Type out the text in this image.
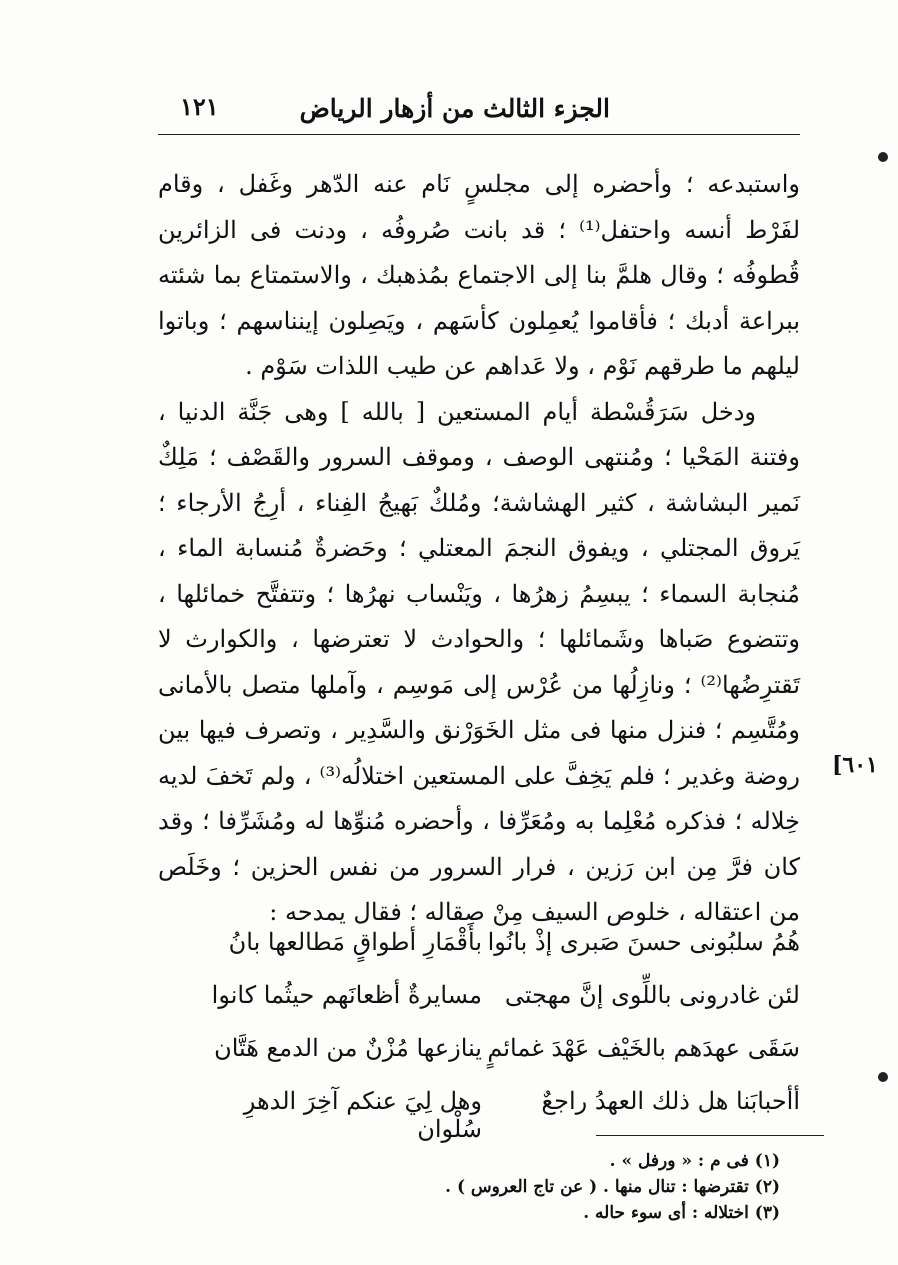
الجزء الثالث من أزهار الرياض
١٢١
[٦٠١

واستبدعه ؛ وأحضره إلى مجلسٍ نَام عنه الدّهر وغَفل ، وقام لفَرْط أنسه واحتفل⁽¹⁾ ؛ قد بانت صُروفُه ، ودنت فى الزائرين قُطوفُه ؛ وقال هلمَّ بنا إلى الاجتماع بمُذهبك ، والاستمتاع بما شئته ببراعة أدبك ؛ فأقاموا يُعمِلون كأسَهم ، ويَصِلون إينناسهم ؛ وباتوا ليلهم ما طرقهم نَوْم ، ولا عَداهم عن طيب اللذات سَوْم .

ودخل سَرَقُسْطة أيام المستعين [ بالله ] وهى جَنَّة الدنيا ، وفتنة المَحْيا ؛ ومُنتهى الوصف ، وموقف السرور والقَصْف ؛ مَلِكٌ نَمير البشاشة ، كثير الهشاشة؛ ومُلكٌ بَهيجُ الفِناء ، أرِجُ الأرجاء ؛ يَروق المجتلي ، ويفوق النجمَ المعتلي ؛ وحَضرةٌ مُنسابة الماء ، مُنجابة السماء ؛ يبسِمُ زهرُها ، ويَنْساب نهرُها ؛ وتتفتَّح خمائلها ، وتتضوع صَباها وشَمائلها ؛ والحوادث لا تعترضها ، والكوارث لا تَقترِضُها⁽²⁾ ؛ ونازِلُها من عُرْس إلى مَوسِم ، وآملها متصل بالأمانى ومُتَّسِم ؛ فنزل منها فى مثل الخَوَرْنق والسَّدِير ، وتصرف فيها بين روضة وغدير ؛ فلم يَخِفَّ على المستعين اختلالُه⁽³⁾ ، ولم تَخفَ لديه خِلاله ؛ فذكره مُعْلِما به ومُعَرِّفا ، وأحضره مُنوِّها له ومُشَرِّفا ؛ وقد كان فرَّ مِن ابن رَزين ، فرار السرور من نفس الحزين ؛ وخَلَص من اعتقاله ، خلوص السيف مِنْ صِقاله ؛ فقال يمدحه :

هُمُ سلبُونى حسنَ صَبرى إذْ بانُوا
بأقْمَارِ أطواقٍ مَطالعها بانُ
لئن غادرونى باللِّوى إنَّ مهجتى
مسايرةٌ أظعانَهم حيثُما كانوا
سَقَى عهدَهم بالخَيْف عَهْدَ غمائمٍ
ينازعها مُزْنٌ من الدمع هَتَّان
أأحبابَنا هل ذلك العهدُ راجعٌ
وهل لِيَ عنكم آخِرَ الدهرِ سُلْوان
(١) فى م : « ورفل » .
(٢) تقترضها : تنال منها . ( عن تاج العروس ) .
(٣) اختلاله : أى سوء حاله .
